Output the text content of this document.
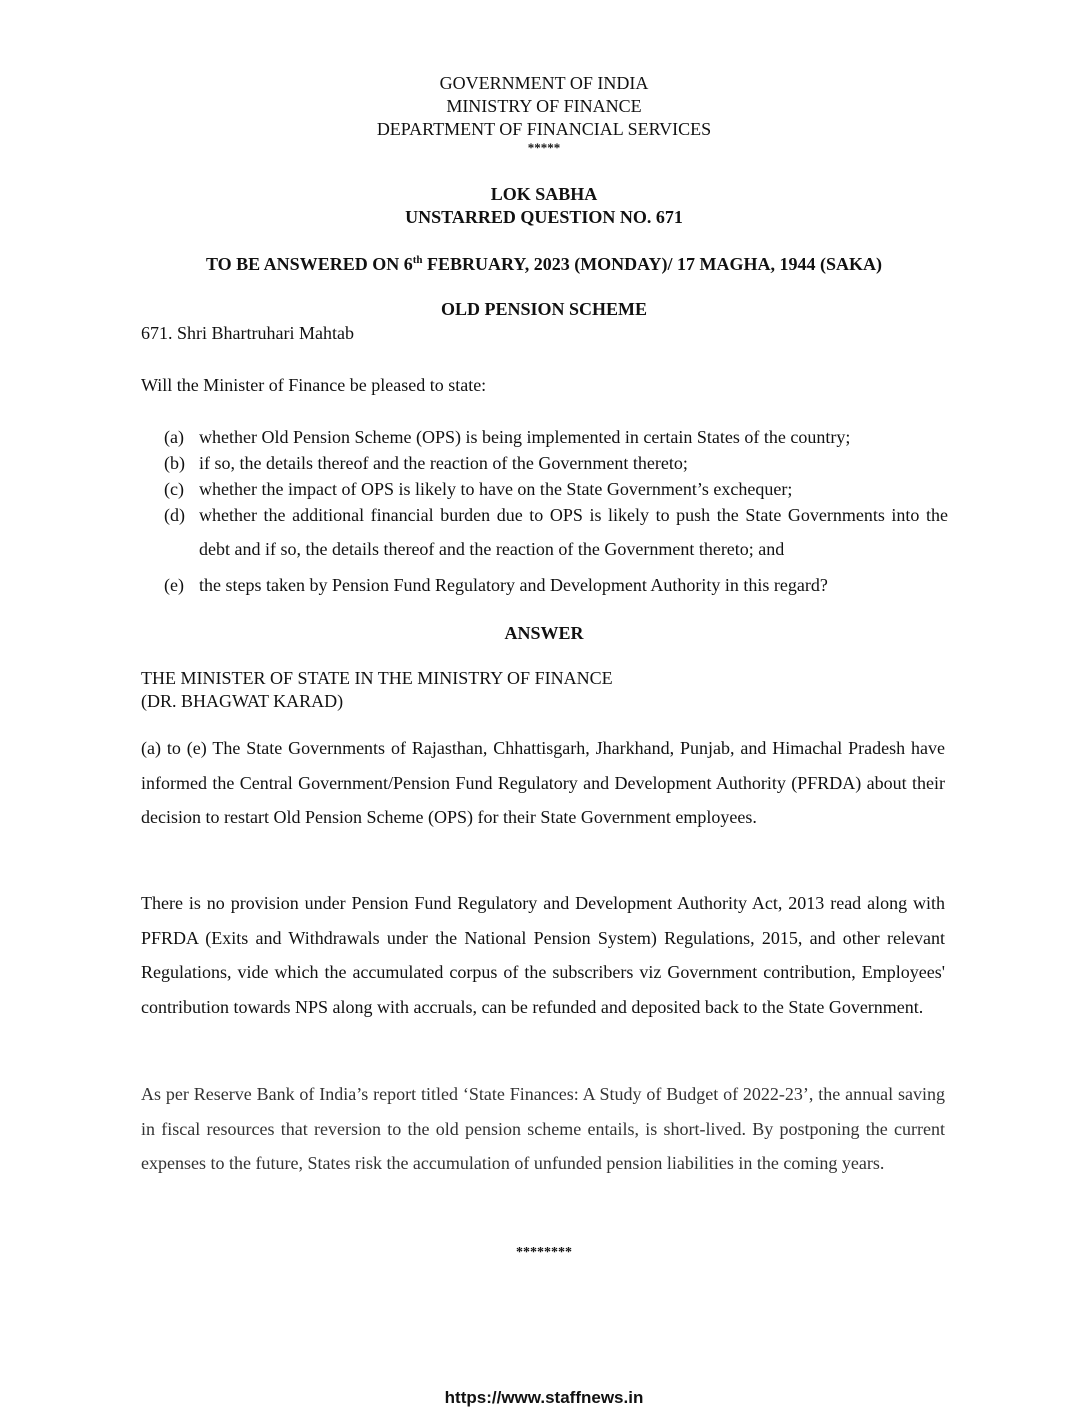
GOVERNMENT OF INDIA
MINISTRY OF FINANCE
DEPARTMENT OF FINANCIAL SERVICES
*****
LOK SABHA
UNSTARRED QUESTION NO. 671
TO BE ANSWERED ON 6th FEBRUARY, 2023 (MONDAY)/ 17 MAGHA, 1944 (SAKA)
OLD PENSION SCHEME
671. Shri Bhartruhari Mahtab
Will the Minister of Finance be pleased to state:
(a) whether Old Pension Scheme (OPS) is being implemented in certain States of the country;
(b) if so, the details thereof and the reaction of the Government thereto;
(c) whether the impact of OPS is likely to have on the State Government’s exchequer;
(d) whether the additional financial burden due to OPS is likely to push the State Governments into the debt and if so, the details thereof and the reaction of the Government thereto; and
(e) the steps taken by Pension Fund Regulatory and Development Authority in this regard?
ANSWER
THE MINISTER OF STATE IN THE MINISTRY OF FINANCE
(DR. BHAGWAT KARAD)
(a) to (e) The State Governments of Rajasthan, Chhattisgarh, Jharkhand, Punjab, and Himachal Pradesh have informed the Central Government/Pension Fund Regulatory and Development Authority (PFRDA) about their decision to restart Old Pension Scheme (OPS) for their State Government employees.
There is no provision under Pension Fund Regulatory and Development Authority Act, 2013 read along with PFRDA (Exits and Withdrawals under the National Pension System) Regulations, 2015, and other relevant Regulations, vide which the accumulated corpus of the subscribers viz Government contribution, Employees' contribution towards NPS along with accruals, can be refunded and deposited back to the State Government.
As per Reserve Bank of India’s report titled ‘State Finances: A Study of Budget of 2022-23’, the annual saving in fiscal resources that reversion to the old pension scheme entails, is short-lived. By postponing the current expenses to the future, States risk the accumulation of unfunded pension liabilities in the coming years.
********
https://www.staffnews.in
